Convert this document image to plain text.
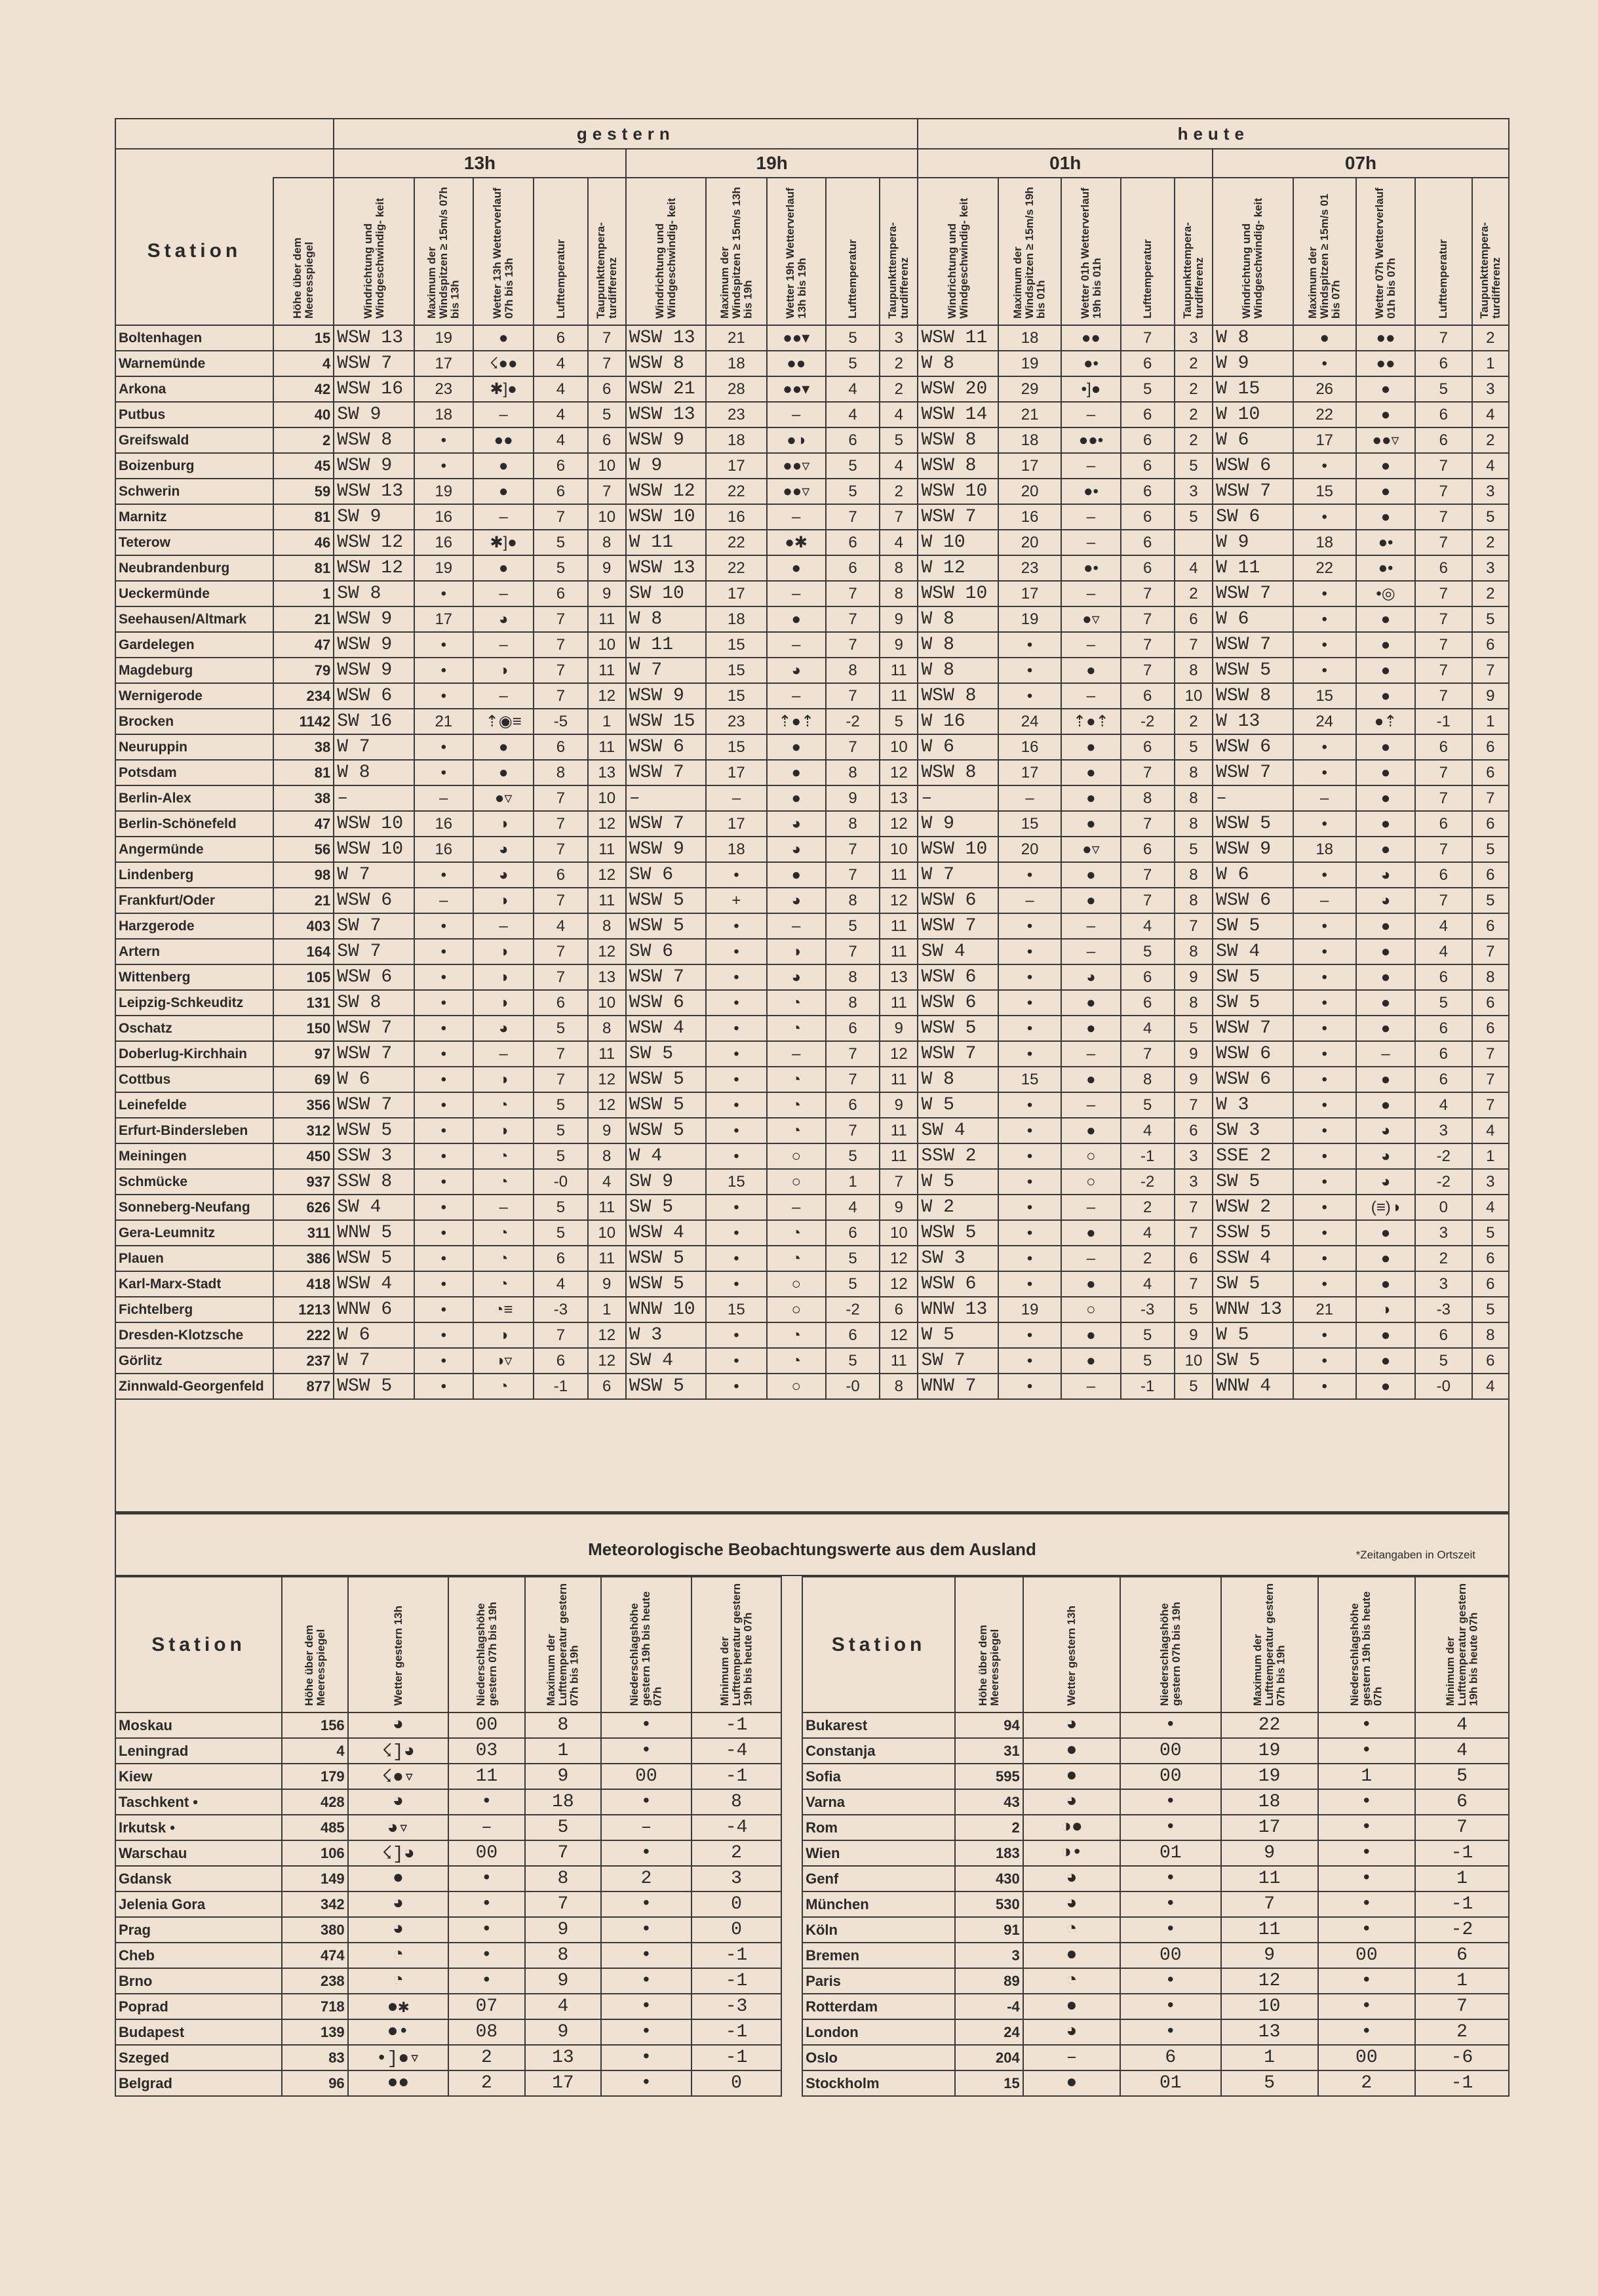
		gestern										heute									
		13h					19h					01h					07h				
Station	Höhe über dem Meeresspiegel	Windrichtung und Windgeschwindig- keit	Maximum der Windspitzen ≥ 15m/s 07h bis 13h	Wetter 13h Wetterverlauf 07h bis 13h	Lufttemperatur	Taupunkttempera- turdifferenz	Windrichtung und Windgeschwindig- keit	Maximum der Windspitzen ≥ 15m/s 13h bis 19h	Wetter 19h Wetterverlauf 13h bis 19h	Lufttemperatur	Taupunkttempera- turdifferenz	Windrichtung und Windgeschwindig- keit	Maximum der Windspitzen ≥ 15m/s 19h bis 01h	Wetter 01h Wetterverlauf 19h bis 01h	Lufttemperatur	Taupunkttempera- turdifferenz	Windrichtung und Windgeschwindig- keit	Maximum der Windspitzen ≥ 15m/s 01 bis 07h	Wetter 07h Wetterverlauf 01h bis 07h	Lufttemperatur	Taupunkttempera- turdifferenz
Boltenhagen	15	WSW 13	19	●	6	7	WSW 13	21	●●▾	5	3	WSW 11	18	●●	7	3	W 8	●	●●	7	2
Warnemünde	4	WSW 7	17	☇●●	4	7	WSW 8	18	●●	5	2	W 8	19	●•	6	2	W 9	•	●●	6	1
Arkona	42	WSW 16	23	✱]●	4	6	WSW 21	28	●●▾	4	2	WSW 20	29	•]●	5	2	W 15	26	●	5	3
Putbus	40	SW 9	18	–	4	5	WSW 13	23	–	4	4	WSW 14	21	–	6	2	W 10	22	●	6	4
Greifswald	2	WSW 8	•	●●	4	6	WSW 9	18	●◑	6	5	WSW 8	18	●●•	6	2	W 6	17	●●▿	6	2
Boizenburg	45	WSW 9	•	●	6	10	W 9	17	●●▿	5	4	WSW 8	17	–	6	5	WSW 6	•	●	7	4
Schwerin	59	WSW 13	19	●	6	7	WSW 12	22	●●▿	5	2	WSW 10	20	●•	6	3	WSW 7	15	●	7	3
Marnitz	81	SW 9	16	–	7	10	WSW 10	16	–	7	7	WSW 7	16	–	6	5	SW 6	•	●	7	5
Teterow	46	WSW 12	16	✱]●	5	8	W 11	22	●✱	6	4	W 10	20	–	6		W 9	18	●•	7	2
Neubrandenburg	81	WSW 12	19	●	5	9	WSW 13	22	●	6	8	W 12	23	●•	6	4	W 11	22	●•	6	3
Ueckermünde	1	SW 8	•	–	6	9	SW 10	17	–	7	8	WSW 10	17	–	7	2	WSW 7	•	•◎	7	2
Seehausen/Altmark	21	WSW 9	17	◕	7	11	W 8	18	●	7	9	W 8	19	●▿	7	6	W 6	•	●	7	5
Gardelegen	47	WSW 9	•	–	7	10	W 11	15	–	7	9	W 8	•	–	7	7	WSW 7	•	●	7	6
Magdeburg	79	WSW 9	•	◑	7	11	W 7	15	◕	8	11	W 8	•	●	7	8	WSW 5	•	●	7	7
Wernigerode	234	WSW 6	•	–	7	12	WSW 9	15	–	7	11	WSW 8	•	–	6	10	WSW 8	15	●	7	9
Brocken	1142	SW 16	21	⇡◉≡	-5	1	WSW 15	23	⇡●⇡	-2	5	W 16	24	⇡●⇡	-2	2	W 13	24	●⇡	-1	1
Neuruppin	38	W 7	•	●	6	11	WSW 6	15	●	7	10	W 6	16	●	6	5	WSW 6	•	●	6	6
Potsdam	81	W 8	•	●	8	13	WSW 7	17	●	8	12	WSW 8	17	●	7	8	WSW 7	•	●	7	6
Berlin-Alex	38	–	–	●▿	7	10	–	–	●	9	13	–	–	●	8	8	–	–	●	7	7
Berlin-Schönefeld	47	WSW 10	16	◑	7	12	WSW 7	17	◕	8	12	W 9	15	●	7	8	WSW 5	•	●	6	6
Angermünde	56	WSW 10	16	◕	7	11	WSW 9	18	◕	7	10	WSW 10	20	●▿	6	5	WSW 9	18	●	7	5
Lindenberg	98	W 7	•	◕	6	12	SW 6	•	●	7	11	W 7	•	●	7	8	W 6	•	◕	6	6
Frankfurt/Oder	21	WSW 6	–	◑	7	11	WSW 5	+	◕	8	12	WSW 6	–	●	7	8	WSW 6	–	◕	7	5
Harzgerode	403	SW 7	•	–	4	8	WSW 5	•	–	5	11	WSW 7	•	–	4	7	SW 5	•	●	4	6
Artern	164	SW 7	•	◑	7	12	SW 6	•	◑	7	11	SW 4	•	–	5	8	SW 4	•	●	4	7
Wittenberg	105	WSW 6	•	◑	7	13	WSW 7	•	◕	8	13	WSW 6	•	◕	6	9	SW 5	•	●	6	8
Leipzig-Schkeuditz	131	SW 8	•	◑	6	10	WSW 6	•	◔	8	11	WSW 6	•	●	6	8	SW 5	•	●	5	6
Oschatz	150	WSW 7	•	◕	5	8	WSW 4	•	◔	6	9	WSW 5	•	●	4	5	WSW 7	•	●	6	6
Doberlug-Kirchhain	97	WSW 7	•	–	7	11	SW 5	•	–	7	12	WSW 7	•	–	7	9	WSW 6	•	–	6	7
Cottbus	69	W 6	•	◑	7	12	WSW 5	•	◔	7	11	W 8	15	●	8	9	WSW 6	•	●	6	7
Leinefelde	356	WSW 7	•	◔	5	12	WSW 5	•	◔	6	9	W 5	•	–	5	7	W 3	•	●	4	7
Erfurt-Bindersleben	312	WSW 5	•	◑	5	9	WSW 5	•	◔	7	11	SW 4	•	●	4	6	SW 3	•	◕	3	4
Meiningen	450	SSW 3	•	◔	5	8	W 4	•	○	5	11	SSW 2	•	○	-1	3	SSE 2	•	◕	-2	1
Schmücke	937	SSW 8	•	◔	-0	4	SW 9	15	○	1	7	W 5	•	○	-2	3	SW 5	•	◕	-2	3
Sonneberg-Neufang	626	SW 4	•	–	5	11	SW 5	•	–	4	9	W 2	•	–	2	7	WSW 2	•	(≡)◑	0	4
Gera-Leumnitz	311	WNW 5	•	◔	5	10	WSW 4	•	◔	6	10	WSW 5	•	●	4	7	SSW 5	•	●	3	5
Plauen	386	WSW 5	•	◔	6	11	WSW 5	•	◔	5	12	SW 3	•	–	2	6	SSW 4	•	●	2	6
Karl-Marx-Stadt	418	WSW 4	•	◔	4	9	WSW 5	•	○	5	12	WSW 6	•	●	4	7	SW 5	•	●	3	6
Fichtelberg	1213	WNW 6	•	◔≡	-3	1	WNW 10	15	○	-2	6	WNW 13	19	○	-3	5	WNW 13	21	◑	-3	5
Dresden-Klotzsche	222	W 6	•	◑	7	12	W 3	•	◔	6	12	W 5	•	●	5	9	W 5	•	●	6	8
Görlitz	237	W 7	•	◑▿	6	12	SW 4	•	◔	5	11	SW 7	•	●	5	10	SW 5	•	●	5	6
Zinnwald-Georgenfeld	877	WSW 5	•	◔	-1	6	WSW 5	•	○	-0	8	WNW 7	•	–	-1	5	WNW 4	•	●	-0	4
Meteorologische Beobachtungswerte aus dem Ausland	*Zeitangaben in Ortszeit
Station	Höhe über dem Meeresspiegel	Wetter gestern 13h	Niederschlagshöhe gestern 07h bis 19h	Maximum der Lufttemperatur gestern 07h bis 19h	Niederschlagshöhe gestern 19h bis heute 07h	Minimum der Lufttemperatur gestern 19h bis heute 07h		Station	Höhe über dem Meeresspiegel	Wetter gestern 13h	Niederschlagshöhe gestern 07h bis 19h	Maximum der Lufttemperatur gestern 07h bis 19h	Niederschlagshöhe gestern 19h bis heute 07h	Minimum der Lufttemperatur gestern 19h bis heute 07h
Moskau	156	◕	00	8	•	-1		Bukarest	94	◕	•	22	•	4
Leningrad	4	☇]◕	03	1	•	-4		Constanja	31	●	00	19	•	4
Kiew	179	☇●▿	11	9	00	-1		Sofia	595	●	00	19	1	5
Taschkent •	428	◕	•	18	•	8		Varna	43	◕	•	18	•	6
Irkutsk •	485	◕▿	–	5	–	-4		Rom	2	◑●	•	17	•	7
Warschau	106	☇]◕	00	7	•	2		Wien	183	◑•	01	9	•	-1
Gdansk	149	●	•	8	2	3		Genf	430	◕	•	11	•	1
Jelenia Gora	342	◕	•	7	•	0		München	530	◕	•	7	•	-1
Prag	380	◕	•	9	•	0		Köln	91	◔	•	11	•	-2
Cheb	474	◔	•	8	•	-1		Bremen	3	●	00	9	00	6
Brno	238	◔	•	9	•	-1		Paris	89	◔	•	12	•	1
Poprad	718	●✱	07	4	•	-3		Rotterdam	-4	●	•	10	•	7
Budapest	139	●•	08	9	•	-1		London	24	◕	•	13	•	2
Szeged	83	•]●▿	2	13	•	-1		Oslo	204	–	6	1	00	-6
Belgrad	96	●●	2	17	•	0		Stockholm	15	●	01	5	2	-1
